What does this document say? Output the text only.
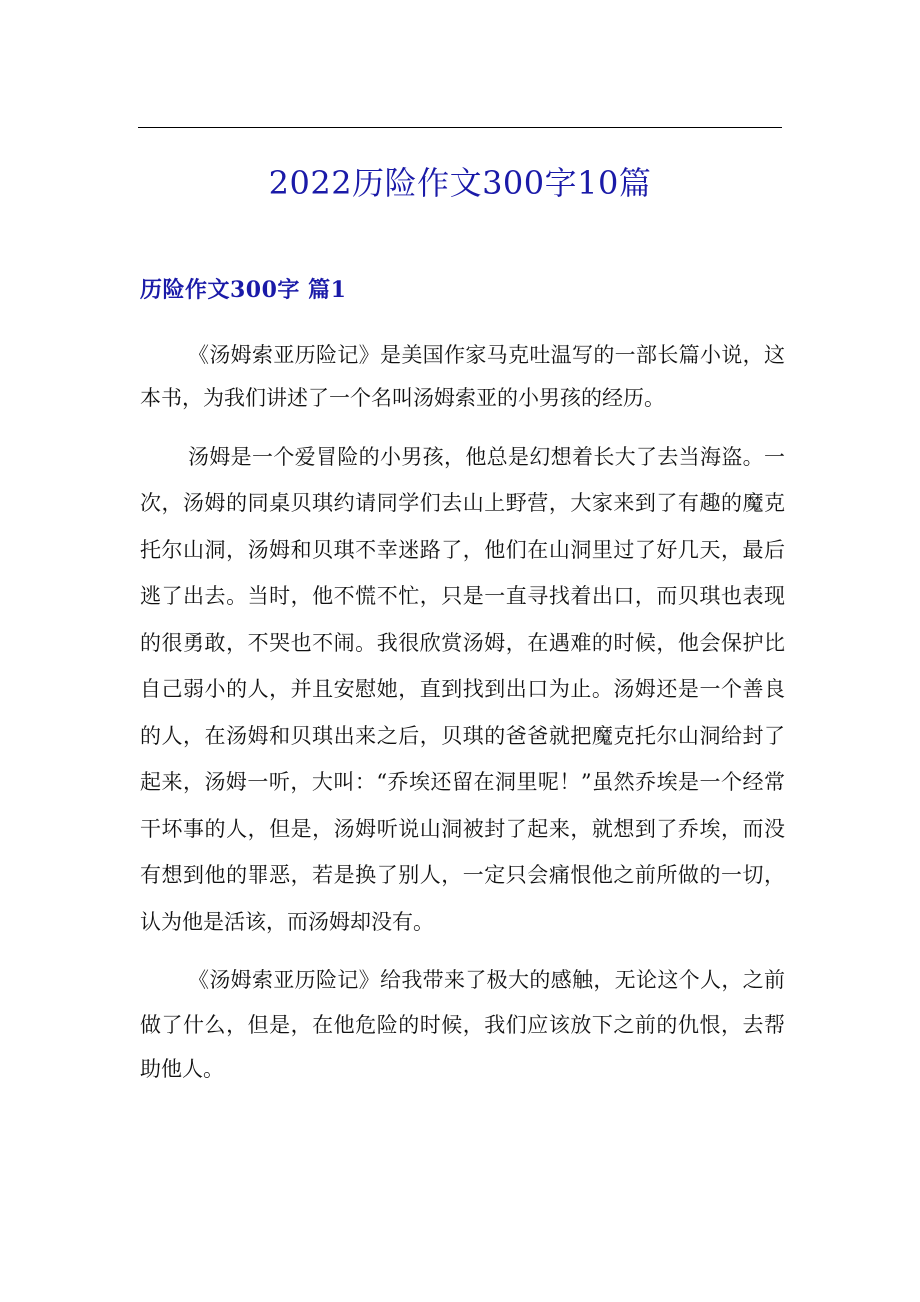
2022历险作文300字10篇
历险作文300字 篇1

《汤姆索亚历险记》是美国作家马克吐温写的一部长篇小说，这本书，为我们讲述了一个名叫汤姆索亚的小男孩的经历。

汤姆是一个爱冒险的小男孩，他总是幻想着长大了去当海盗。一次，汤姆的同桌贝琪约请同学们去山上野营，大家来到了有趣的魔克托尔山洞，汤姆和贝琪不幸迷路了，他们在山洞里过了好几天，最后逃了出去。当时，他不慌不忙，只是一直寻找着出口，而贝琪也表现的很勇敢，不哭也不闹。我很欣赏汤姆，在遇难的时候，他会保护比自己弱小的人，并且安慰她，直到找到出口为止。汤姆还是一个善良的人，在汤姆和贝琪出来之后，贝琪的爸爸就把魔克托尔山洞给封了起来，汤姆一听，大叫：“乔埃还留在洞里呢！”虽然乔埃是一个经常干坏事的人，但是，汤姆听说山洞被封了起来，就想到了乔埃，而没有想到他的罪恶，若是换了别人，一定只会痛恨他之前所做的一切，认为他是活该，而汤姆却没有。

《汤姆索亚历险记》给我带来了极大的感触，无论这个人，之前做了什么，但是，在他危险的时候，我们应该放下之前的仇恨，去帮助他人。
